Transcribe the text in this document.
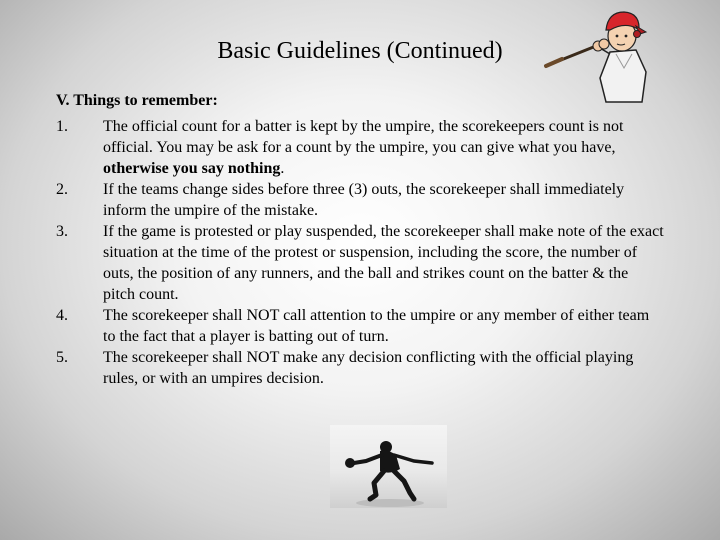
Basic Guidelines (Continued)
V. Things to remember:
1.	The official count for a batter is kept by the umpire, the scorekeepers count is not official. You may be ask for a count by the umpire, you can give what you have, otherwise you say nothing.
2.	If the teams change sides before three (3) outs, the scorekeeper shall immediately inform the umpire of the mistake.
3.	If the game is protested or play suspended, the scorekeeper shall make note of the exact situation at the time of the protest or suspension, including the score, the number of outs, the position of any runners, and the ball and strikes count on the batter & the pitch count.
4.	The scorekeeper shall NOT call attention to the umpire or any member of either team to the fact that a player is batting out of turn.
5.	The scorekeeper shall NOT make any decision conflicting with the official playing rules, or with an umpires decision.
